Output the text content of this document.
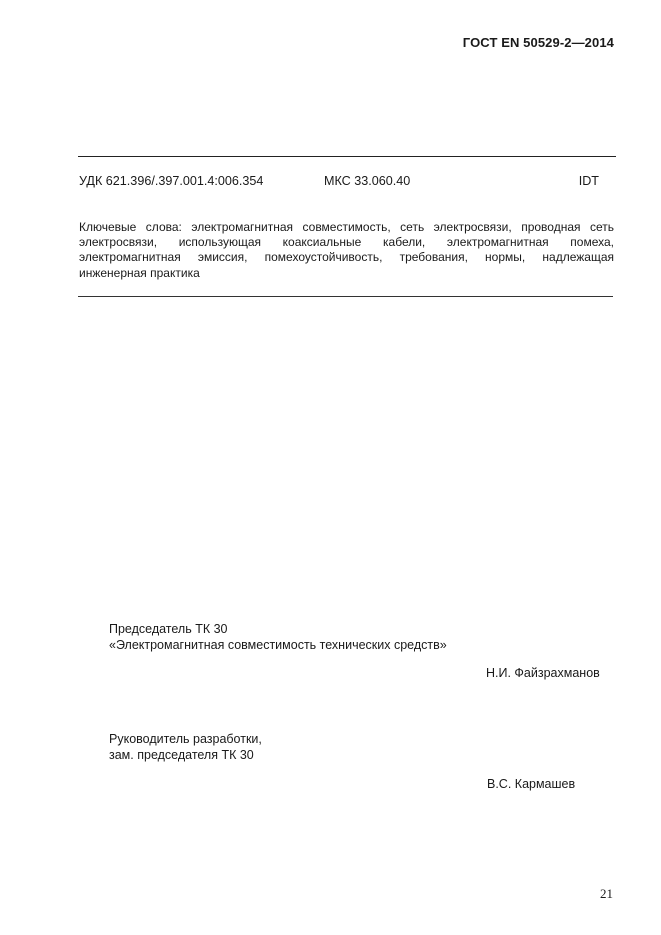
ГОСТ EN 50529-2—2014
УДК 621.396/.397.001.4:006.354	МКС 33.060.40	IDT
Ключевые слова: электромагнитная совместимость, сеть электросвязи, проводная сеть электросвязи, использующая коаксиальные кабели, электромагнитная помеха, электромагнитная эмиссия, помехоустойчивость, требования, нормы, надлежащая инженерная практика
Председатель ТК 30
«Электромагнитная совместимость технических средств»
Н.И. Файзрахманов
Руководитель разработки,
зам. председателя ТК 30
В.С. Кармашев
21
